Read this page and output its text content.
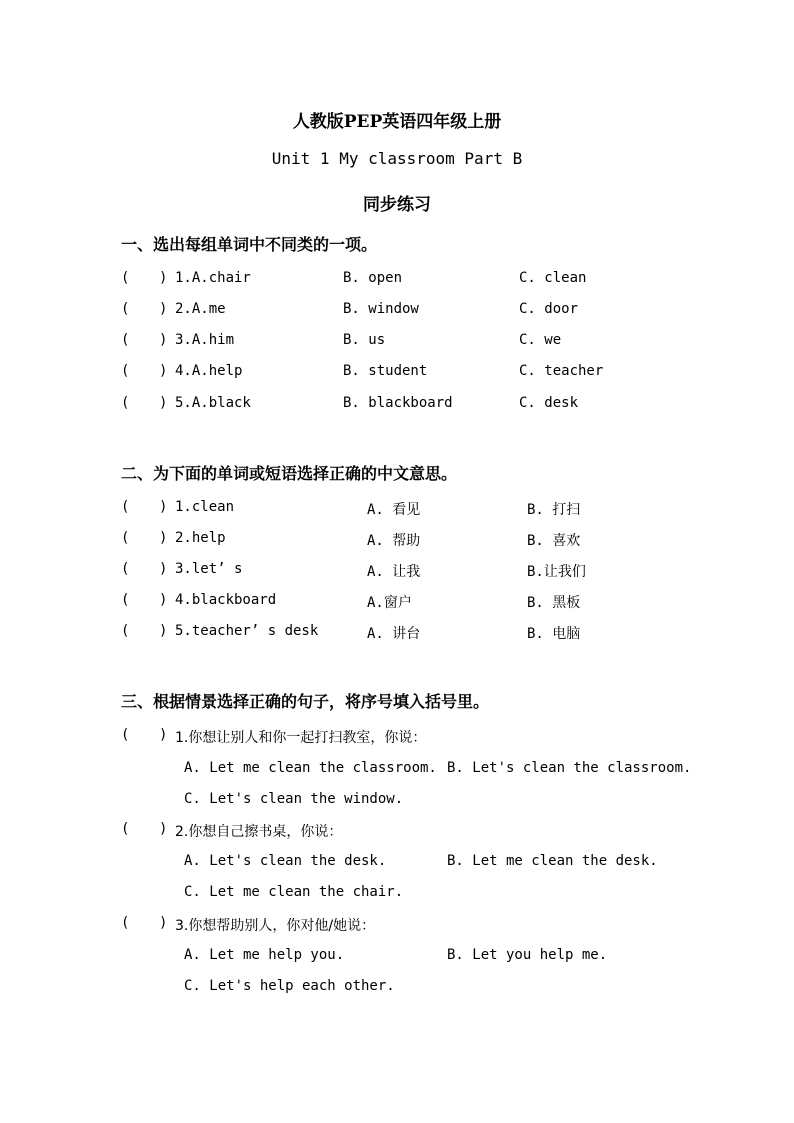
人教版PEP英语四年级上册
Unit 1 My classroom Part B
同步练习
一、选出每组单词中不同类的一项。
( ) 1.A.chair	B. open	C. clean
( ) 2.A.me	B. window	C. door
( ) 3.A.him	B. us	C. we
( ) 4.A.help	B. student	C. teacher
( ) 5.A.black	B. blackboard	C. desk
二、为下面的单词或短语选择正确的中文意思。
( ) 1.clean	A. 看见	B. 打扫
( ) 2.help	A. 帮助	B. 喜欢
( ) 3.let’ s	A. 让我	B.让我们
( ) 4.blackboard	A.窗户	B. 黑板
( ) 5.teacher’ s desk	A. 讲台	B. 电脑
三、根据情景选择正确的句子，将序号填入括号里。
( ) 1.你想让别人和你一起打扫教室，你说：
A. Let me clean the classroom. B. Let's clean the classroom.
C. Let's clean the window.
( ) 2.你想自己擦书桌，你说：
A. Let's clean the desk.	B. Let me clean the desk.
C. Let me clean the chair.
( ) 3.你想帮助别人，你对他/她说：
A. Let me help you.	B. Let you help me.
C. Let's help each other.
